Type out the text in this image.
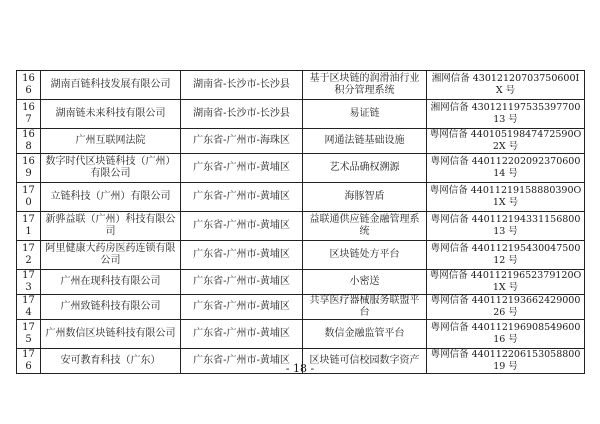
166	湖南百链科技发展有限公司	湖南省-长沙市-长沙县	基于区块链的润滑油行业积分管理系统	湘网信备 43012120703750600IX 号
167	湖南链未来科技有限公司	湖南省-长沙市-长沙县	易证链	湘网信备 43012119753539770013 号
168	广州互联网法院	广东省-广州市-海珠区	网通法链基础设施	粤网信备 44010519847472590O2X 号
169	数字时代区块链科技（广州）有限公司	广东省-广州市-黄埔区	艺术品确权溯源	粤网信备 44011220209237060014 号
170	立链科技（广州）有限公司	广东省-广州市-黄埔区	海豚智盾	粤网信备 44011219158880390O1X 号
171	新骅益联（广州）科技有限公司	广东省-广州市-黄埔区	益联通供应链金融管理系统	粤网信备 44011219433115680013 号
172	阿里健康大药房医药连锁有限公司	广东省-广州市-黄埔区	区块链处方平台	粤网信备 44011219543004750012 号
173	广州在现科技有限公司	广东省-广州市-黄埔区	小密送	粤网信备 44011219652379120O1X 号
174	广州致链科技有限公司	广东省-广州市-黄埔区	共享医疗器械服务联盟平台	粤网信备 44011219366242900026 号
175	广州数信区块链科技有限公司	广东省-广州市-黄埔区	数信金融监管平台	粤网信备 44011219690854960016 号
176	安可教育科技（广东）	广东省-广州市-黄埔区	区块链可信校园数字资产	粤网信备 44011220615305880019 号
- 18 -
